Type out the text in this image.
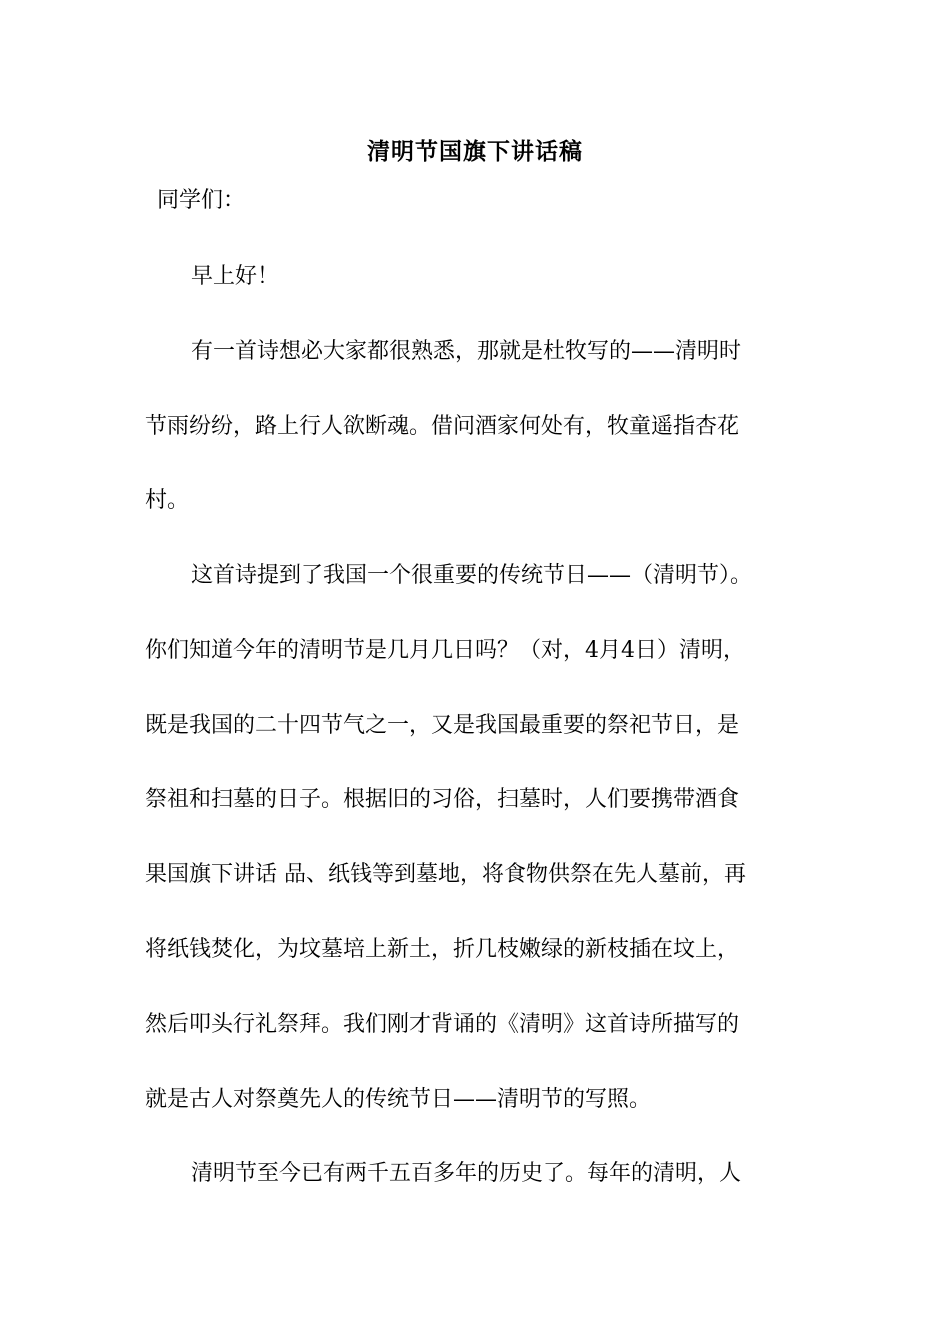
清明节国旗下讲话稿

同学们：

早上好！

有一首诗想必大家都很熟悉，那就是杜牧写的——清明时

节雨纷纷，路上行人欲断魂。借问酒家何处有，牧童遥指杏花

村。

这首诗提到了我国一个很重要的传统节日——（清明节）。

你们知道今年的清明节是几月几日吗？（对，4月4日）清明，

既是我国的二十四节气之一，又是我国最重要的祭祀节日，是

祭祖和扫墓的日子。根据旧的习俗，扫墓时，人们要携带酒食

果国旗下讲话 品、纸钱等到墓地，将食物供祭在先人墓前，再

将纸钱焚化，为坟墓培上新土，折几枝嫩绿的新枝插在坟上，

然后叩头行礼祭拜。我们刚才背诵的《清明》这首诗所描写的

就是古人对祭奠先人的传统节日——清明节的写照。

清明节至今已有两千五百多年的历史了。每年的清明，人
